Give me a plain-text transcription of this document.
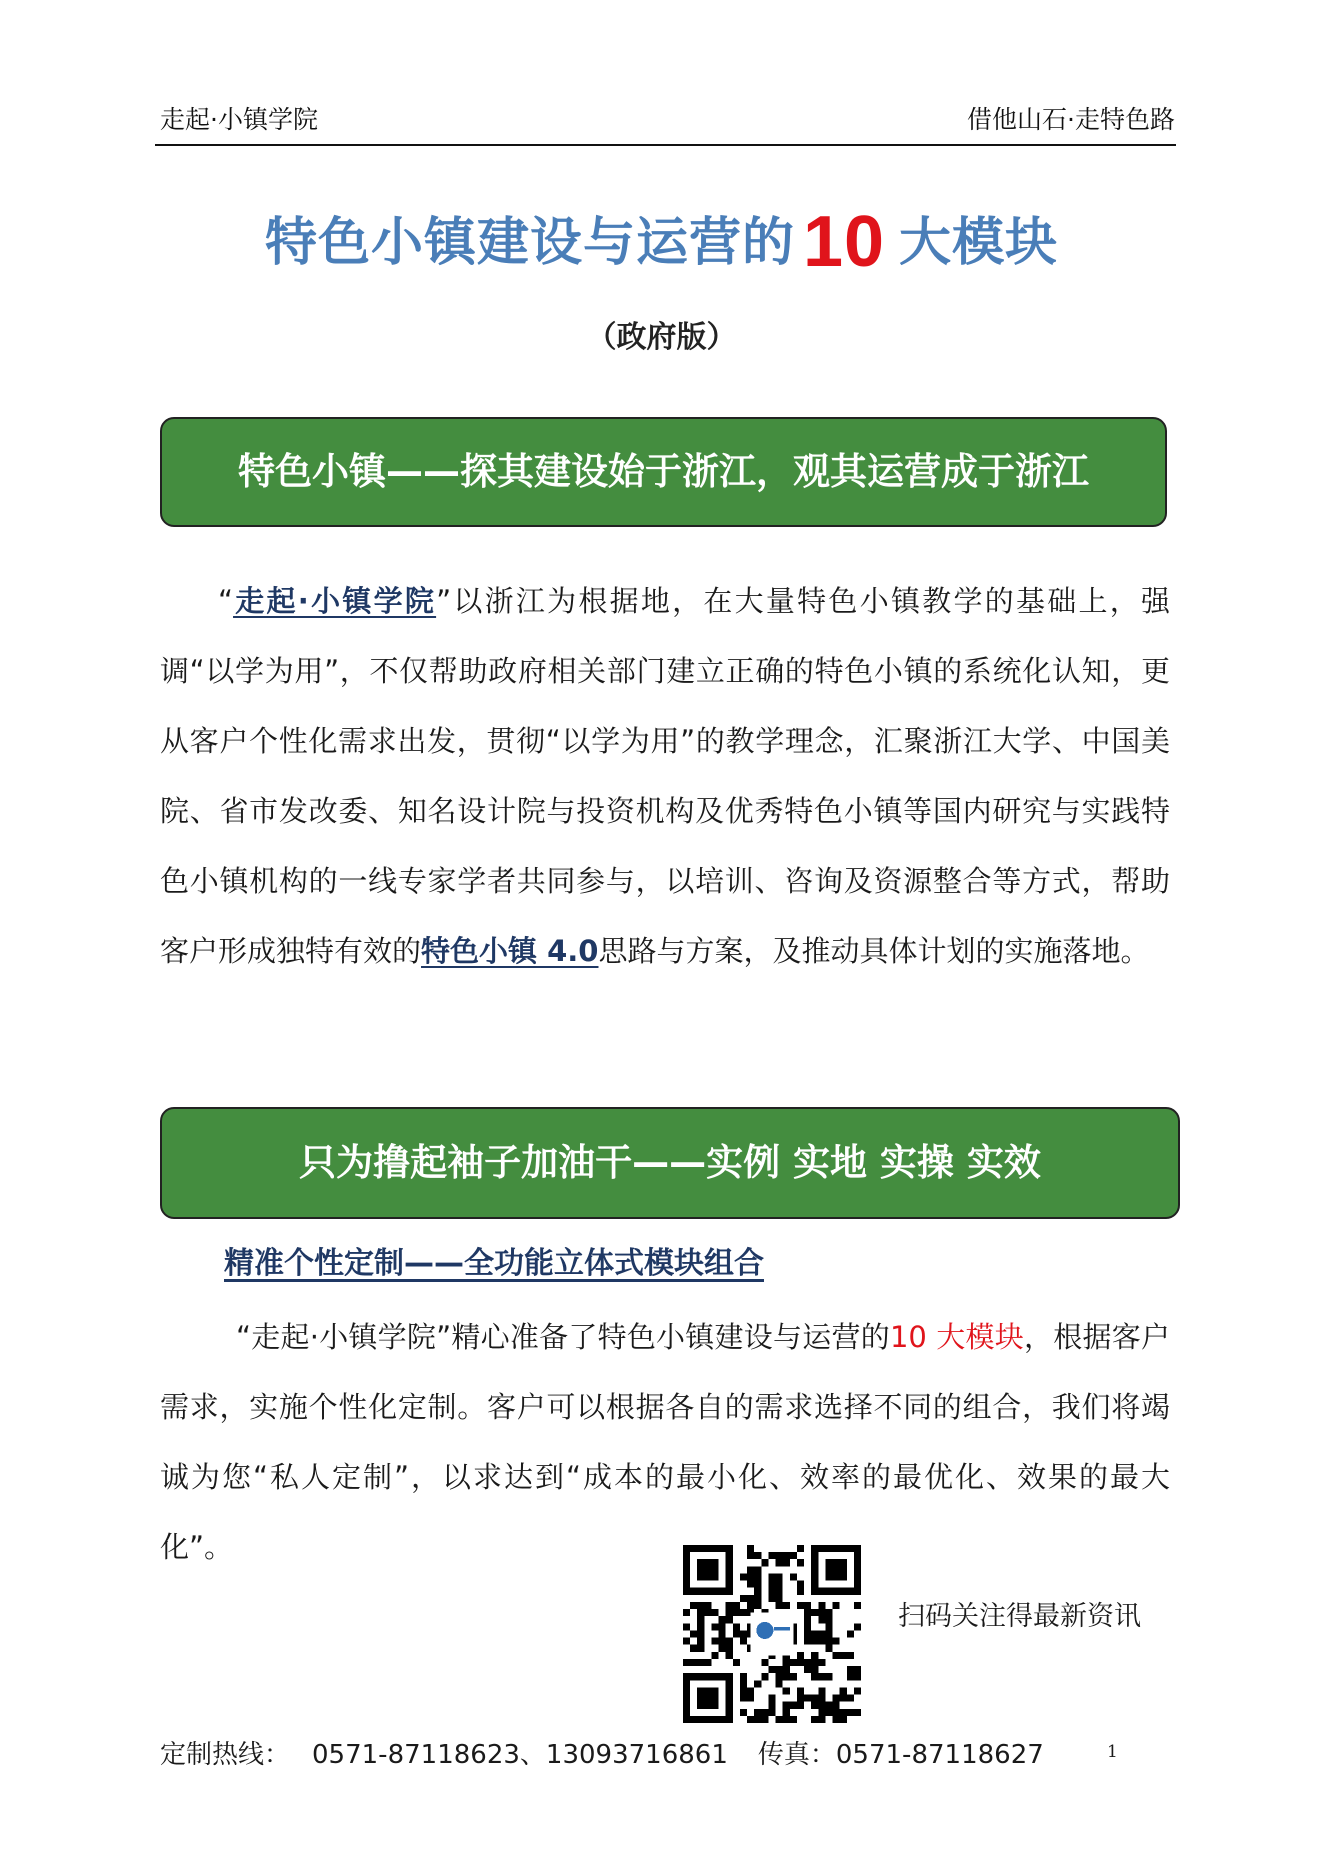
走起·小镇学院	借他山石·走特色路
特色小镇建设与运营的 10 大模块
（政府版）
特色小镇——探其建设始于浙江，观其运营成于浙江
“走起·小镇学院”以浙江为根据地，在大量特色小镇教学的基础上，强调“以学为用”，不仅帮助政府相关部门建立正确的特色小镇的系统化认知，更从客户个性化需求出发，贯彻“以学为用”的教学理念，汇聚浙江大学、中国美院、省市发改委、知名设计院与投资机构及优秀特色小镇等国内研究与实践特色小镇机构的一线专家学者共同参与，以培训、咨询及资源整合等方式，帮助客户形成独特有效的特色小镇 4.0思路与方案，及推动具体计划的实施落地。
只为撸起袖子加油干——实例 实地 实操 实效
精准个性定制——全功能立体式模块组合
“走起·小镇学院”精心准备了特色小镇建设与运营的10 大模块，根据客户需求，实施个性化定制。客户可以根据各自的需求选择不同的组合，我们将竭诚为您“私人定制”，以求达到“成本的最小化、效率的最优化、效果的最大化”。
扫码关注得最新资讯
定制热线： 0571-87118623、13093716861 传真：0571-87118627	1
